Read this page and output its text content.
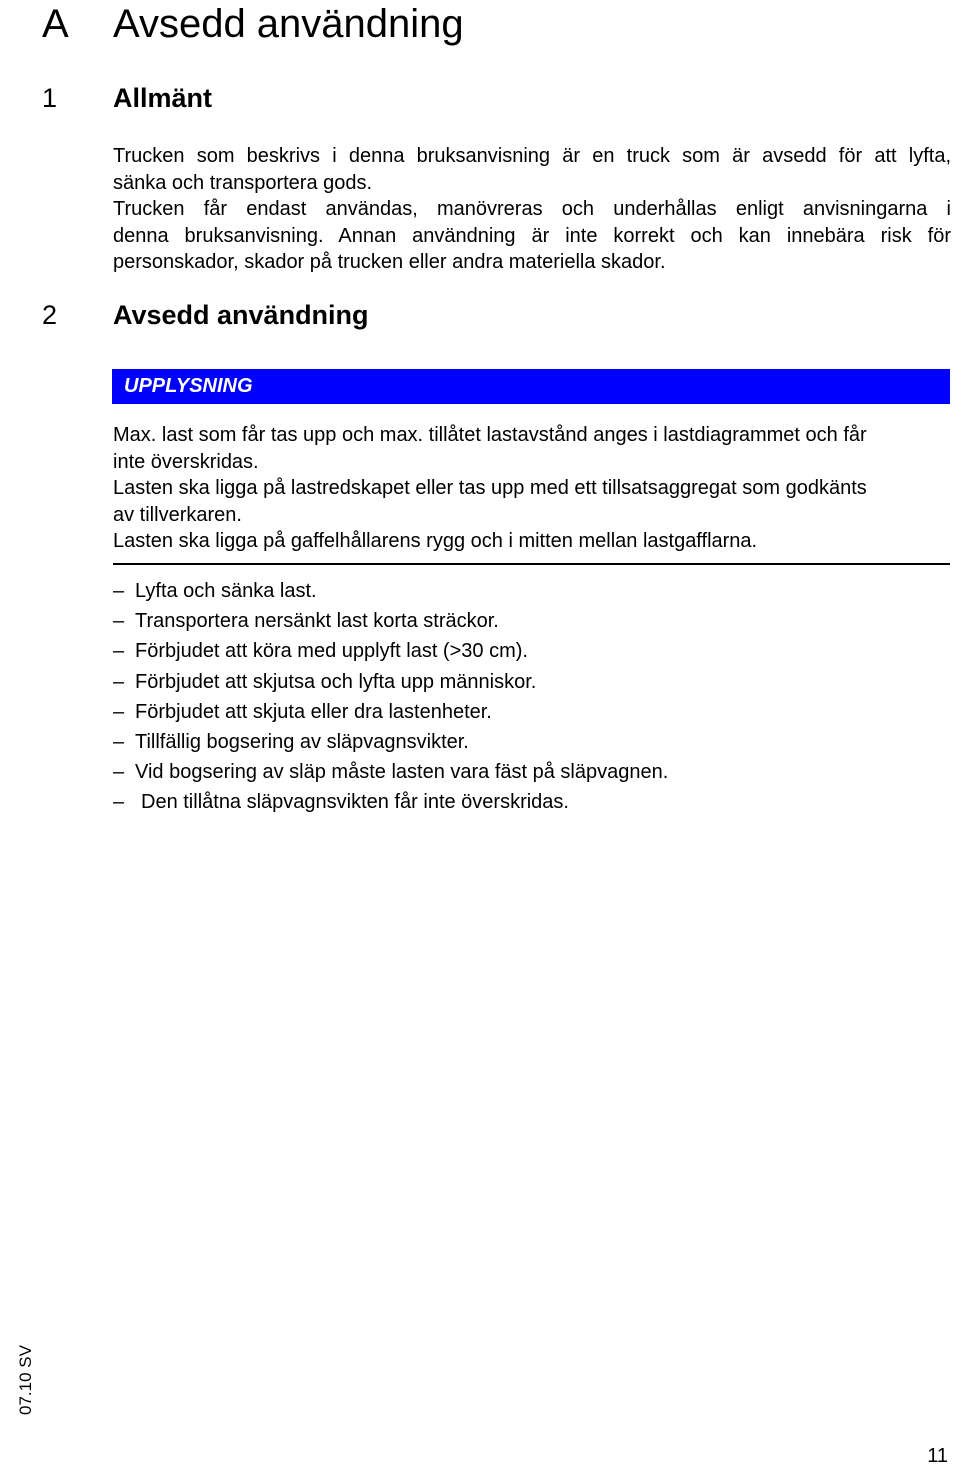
A	Avsedd användning
1	Allmänt

Trucken som beskrivs i denna bruksanvisning är en truck som är avsedd för att lyfta,

sänka och transportera gods.

Trucken får endast användas, manövreras och underhållas enligt anvisningarna i

denna bruksanvisning. Annan användning är inte korrekt och kan innebära risk för

personskador, skador på trucken eller andra materiella skador.

2	Avsedd användning
UPPLYSNING

Max. last som får tas upp och max. tillåtet lastavstånd anges i lastdiagrammet och får

inte överskridas.

Lasten ska ligga på lastredskapet eller tas upp med ett tillsatsaggregat som godkänts

av tillverkaren.

Lasten ska ligga på gaffelhållarens rygg och i mitten mellan lastgafflarna.

– Lyfta och sänka last.
– Transportera nersänkt last korta sträckor.
– Förbjudet att köra med upplyft last (>30 cm).
– Förbjudet att skjutsa och lyfta upp människor.
– Förbjudet att skjuta eller dra lastenheter.
– Tillfällig bogsering av släpvagnsvikter.
– Vid bogsering av släp måste lasten vara fäst på släpvagnen.
– Den tillåtna släpvagnsvikten får inte överskridas.
07.10 SV
11
